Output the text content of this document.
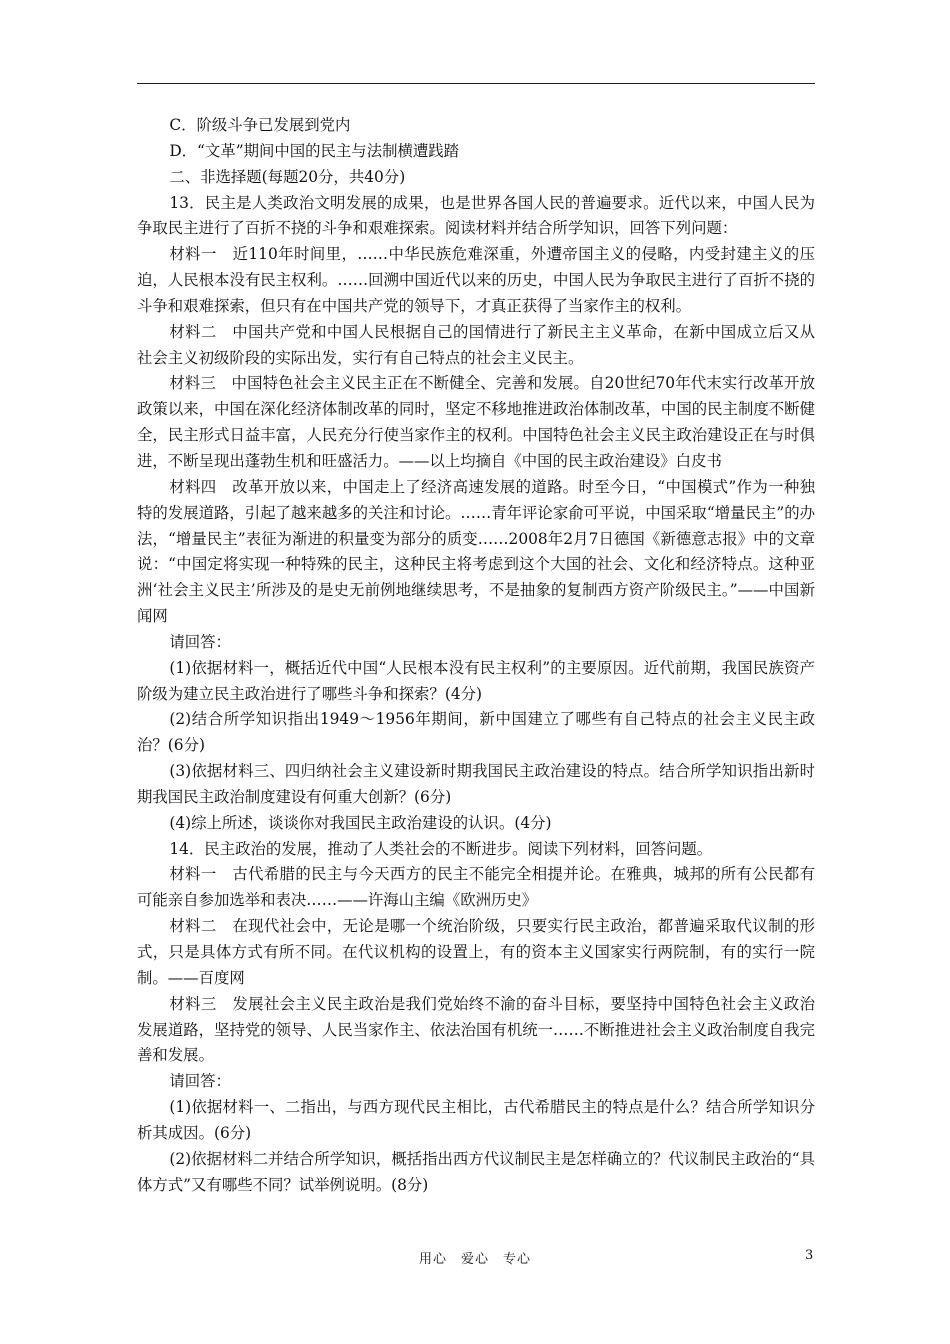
C．阶级斗争已发展到党内

D．“文革”期间中国的民主与法制横遭践踏

二、非选择题(每题20分，共40分)

13．民主是人类政治文明发展的成果，也是世界各国人民的普遍要求。近代以来，中国人民为争取民主进行了百折不挠的斗争和艰难探索。阅读材料并结合所学知识，回答下列问题：

材料一　近110年时间里，……中华民族危难深重，外遭帝国主义的侵略，内受封建主义的压迫，人民根本没有民主权利。……回溯中国近代以来的历史，中国人民为争取民主进行了百折不挠的斗争和艰难探索，但只有在中国共产党的领导下，才真正获得了当家作主的权利。

材料二　中国共产党和中国人民根据自己的国情进行了新民主主义革命，在新中国成立后又从社会主义初级阶段的实际出发，实行有自己特点的社会主义民主。

材料三　中国特色社会主义民主正在不断健全、完善和发展。自20世纪70年代末实行改革开放政策以来，中国在深化经济体制改革的同时，坚定不移地推进政治体制改革，中国的民主制度不断健全，民主形式日益丰富，人民充分行使当家作主的权利。中国特色社会主义民主政治建设正在与时俱进，不断呈现出蓬勃生机和旺盛活力。——以上均摘自《中国的民主政治建设》白皮书

材料四　改革开放以来，中国走上了经济高速发展的道路。时至今日，“中国模式”作为一种独特的发展道路，引起了越来越多的关注和讨论。……青年评论家俞可平说，中国采取“增量民主”的办法，“增量民主”表征为渐进的积量变为部分的质变……2008年2月7日德国《新德意志报》中的文章说：“中国定将实现一种特殊的民主，这种民主将考虑到这个大国的社会、文化和经济特点。这种亚洲‘社会主义民主’所涉及的是史无前例地继续思考，不是抽象的复制西方资产阶级民主。”——中国新闻网

请回答：

(1)依据材料一，概括近代中国“人民根本没有民主权利”的主要原因。近代前期，我国民族资产阶级为建立民主政治进行了哪些斗争和探索？(4分)

(2)结合所学知识指出1949～1956年期间，新中国建立了哪些有自己特点的社会主义民主政治？(6分)

(3)依据材料三、四归纳社会主义建设新时期我国民主政治建设的特点。结合所学知识指出新时期我国民主政治制度建设有何重大创新？(6分)

(4)综上所述，谈谈你对我国民主政治建设的认识。(4分)

14．民主政治的发展，推动了人类社会的不断进步。阅读下列材料，回答问题。

材料一　古代希腊的民主与今天西方的民主不能完全相提并论。在雅典，城邦的所有公民都有可能亲自参加选举和表决……——许海山主编《欧洲历史》

材料二　在现代社会中，无论是哪一个统治阶级，只要实行民主政治，都普遍采取代议制的形式，只是具体方式有所不同。在代议机构的设置上，有的资本主义国家实行两院制，有的实行一院制。——百度网

材料三　发展社会主义民主政治是我们党始终不渝的奋斗目标，要坚持中国特色社会主义政治发展道路，坚持党的领导、人民当家作主、依法治国有机统一……不断推进社会主义政治制度自我完善和发展。

请回答：

(1)依据材料一、二指出，与西方现代民主相比，古代希腊民主的特点是什么？结合所学知识分析其成因。(6分)

(2)依据材料二并结合所学知识，概括指出西方代议制民主是怎样确立的？代议制民主政治的“具体方式”又有哪些不同？试举例说明。(8分)

用心　爱心　专心	3
